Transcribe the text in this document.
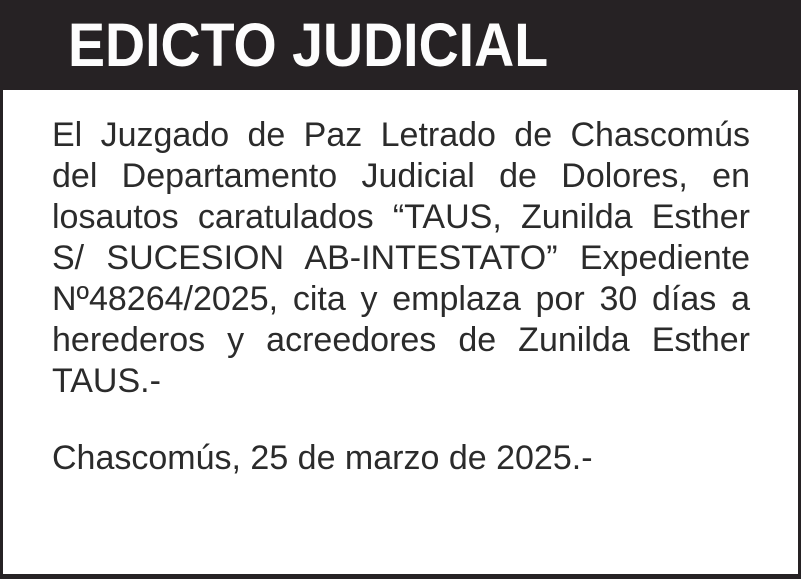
EDICTO JUDICIAL
El Juzgado de Paz Letrado de Chascomús
del Departamento Judicial de Dolores, en
losautos caratulados “TAUS, Zunilda Esther
S/ SUCESION AB-INTESTATO” Expediente
Nº48264/2025, cita y emplaza por 30 días a
herederos y acreedores de Zunilda Esther
TAUS.-
Chascomús, 25 de marzo de 2025.-
